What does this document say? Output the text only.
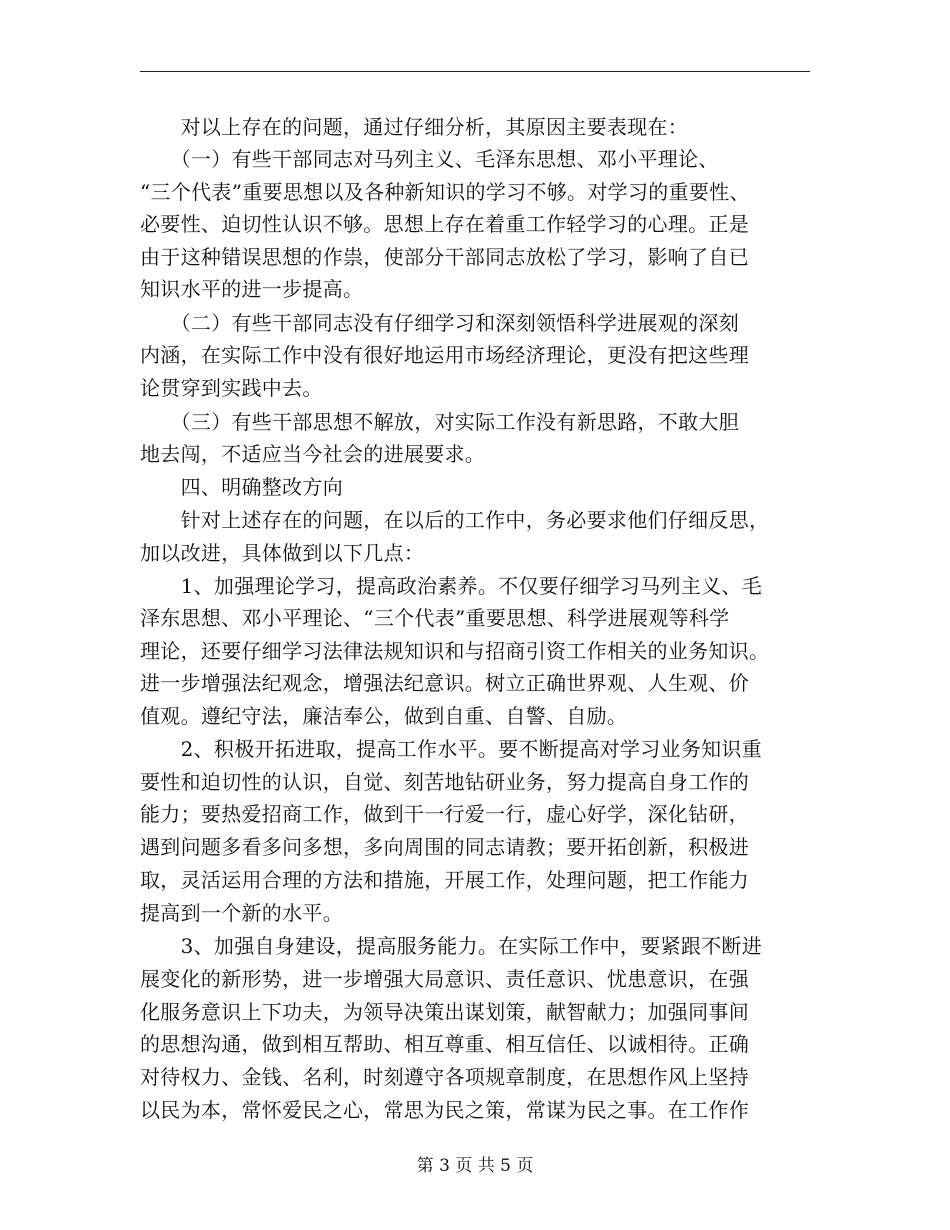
　　对以上存在的问题，通过仔细分析，其原因主要表现在：
　　（一）有些干部同志对马列主义、毛泽东思想、邓小平理论、
“三个代表”重要思想以及各种新知识的学习不够。对学习的重要性、
必要性、迫切性认识不够。思想上存在着重工作轻学习的心理。正是
由于这种错误思想的作祟，使部分干部同志放松了学习，影响了自已
知识水平的进一步提高。
　　（二）有些干部同志没有仔细学习和深刻领悟科学进展观的深刻
内涵，在实际工作中没有很好地运用市场经济理论，更没有把这些理
论贯穿到实践中去。
　　（三）有些干部思想不解放，对实际工作没有新思路，不敢大胆
地去闯，不适应当今社会的进展要求。
　　四、明确整改方向
　　针对上述存在的问题，在以后的工作中，务必要求他们仔细反思，
加以改进，具体做到以下几点：
　　1、加强理论学习，提高政治素养。不仅要仔细学习马列主义、毛
泽东思想、邓小平理论、“三个代表”重要思想、科学进展观等科学
理论，还要仔细学习法律法规知识和与招商引资工作相关的业务知识。
进一步增强法纪观念，增强法纪意识。树立正确世界观、人生观、价
值观。遵纪守法，廉洁奉公，做到自重、自警、自励。
　　2、积极开拓进取，提高工作水平。要不断提高对学习业务知识重
要性和迫切性的认识，自觉、刻苦地钻研业务，努力提高自身工作的
能力；要热爱招商工作，做到干一行爱一行，虚心好学，深化钻研，
遇到问题多看多问多想，多向周围的同志请教；要开拓创新，积极进
取，灵活运用合理的方法和措施，开展工作，处理问题，把工作能力
提高到一个新的水平。
　　3、加强自身建设，提高服务能力。在实际工作中，要紧跟不断进
展变化的新形势，进一步增强大局意识、责任意识、忧患意识，在强
化服务意识上下功夫，为领导决策出谋划策，献智献力；加强同事间
的思想沟通，做到相互帮助、相互尊重、相互信任、以诚相待。正确
对待权力、金钱、名利，时刻遵守各项规章制度，在思想作风上坚持
以民为本，常怀爱民之心，常思为民之策，常谋为民之事。在工作作
第 3 页 共 5 页
